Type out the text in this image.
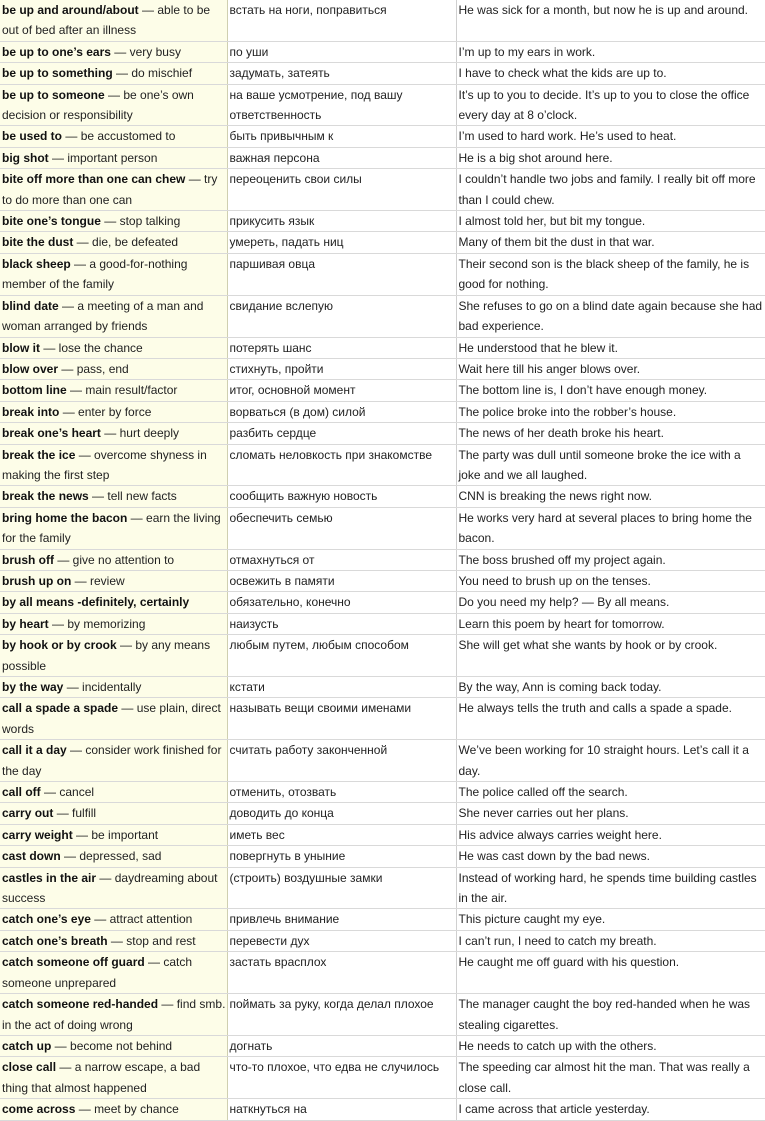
be up and around/about — able to be out of bed after an illness	встать на ноги, поправиться	He was sick for a month, but now he is up and around.
be up to one’s ears — very busy	по уши	I’m up to my ears in work.
be up to something — do mischief	задумать, затеять	I have to check what the kids are up to.
be up to someone — be one’s own decision or responsibility	на ваше усмотрение, под вашу ответственность	It’s up to you to decide. It’s up to you to close the office every day at 8 o’clock.
be used to — be accustomed to	быть привычным к	I’m used to hard work. He’s used to heat.
big shot — important person	важная персона	He is a big shot around here.
bite off more than one can chew — try to do more than one can	переоценить свои силы	I couldn’t handle two jobs and family. I really bit off more than I could chew.
bite one’s tongue — stop talking	прикусить язык	I almost told her, but bit my tongue.
bite the dust — die, be defeated	умереть, падать ниц	Many of them bit the dust in that war.
black sheep — a good-for-nothing member of the family	паршивая овца	Their second son is the black sheep of the family, he is good for nothing.
blind date — a meeting of a man and woman arranged by friends	свидание вслепую	She refuses to go on a blind date again because she had bad experience.
blow it — lose the chance	потерять шанс	He understood that he blew it.
blow over — pass, end	стихнуть, пройти	Wait here till his anger blows over.
bottom line — main result/factor	итог, основной момент	The bottom line is, I don’t have enough money.
break into — enter by force	ворваться (в дом) силой	The police broke into the robber’s house.
break one’s heart — hurt deeply	разбить сердце	The news of her death broke his heart.
break the ice — overcome shyness in making the first step	сломать неловкость при знакомстве	The party was dull until someone broke the ice with a joke and we all laughed.
break the news — tell new facts	сообщить важную новость	CNN is breaking the news right now.
bring home the bacon — earn the living for the family	обеспечить семью	He works very hard at several places to bring home the bacon.
brush off — give no attention to	отмахнуться от	The boss brushed off my project again.
brush up on — review	освежить в памяти	You need to brush up on the tenses.
by all means -definitely, certainly	обязательно, конечно	Do you need my help? — By all means.
by heart — by memorizing	наизусть	Learn this poem by heart for tomorrow.
by hook or by crook — by any means possible	любым путем, любым способом	She will get what she wants by hook or by crook.
by the way — incidentally	кстати	By the way, Ann is coming back today.
call a spade a spade — use plain, direct words	называть вещи своими именами	He always tells the truth and calls a spade a spade.
call it a day — consider work finished for the day	считать работу законченной	We’ve been working for 10 straight hours. Let’s call it a day.
call off — cancel	отменить, отозвать	The police called off the search.
carry out — fulfill	доводить до конца	She never carries out her plans.
carry weight — be important	иметь вес	His advice always carries weight here.
cast down — depressed, sad	повергнуть в уныние	He was cast down by the bad news.
castles in the air — daydreaming about success	(строить) воздушные замки	Instead of working hard, he spends time building castles in the air.
catch one’s eye — attract attention	привлечь внимание	This picture caught my eye.
catch one’s breath — stop and rest	перевести дух	I can’t run, I need to catch my breath.
catch someone off guard — catch someone unprepared	застать врасплох	He caught me off guard with his question.
catch someone red-handed — find smb. in the act of doing wrong	поймать за руку, когда делал плохое	The manager caught the boy red-handed when he was stealing cigarettes.
catch up — become not behind	догнать	He needs to catch up with the others.
close call — a narrow escape, a bad thing that almost happened	что-то плохое, что едва не случилось	The speeding car almost hit the man. That was really a close call.
come across — meet by chance	наткнуться на	I came across that article yesterday.
